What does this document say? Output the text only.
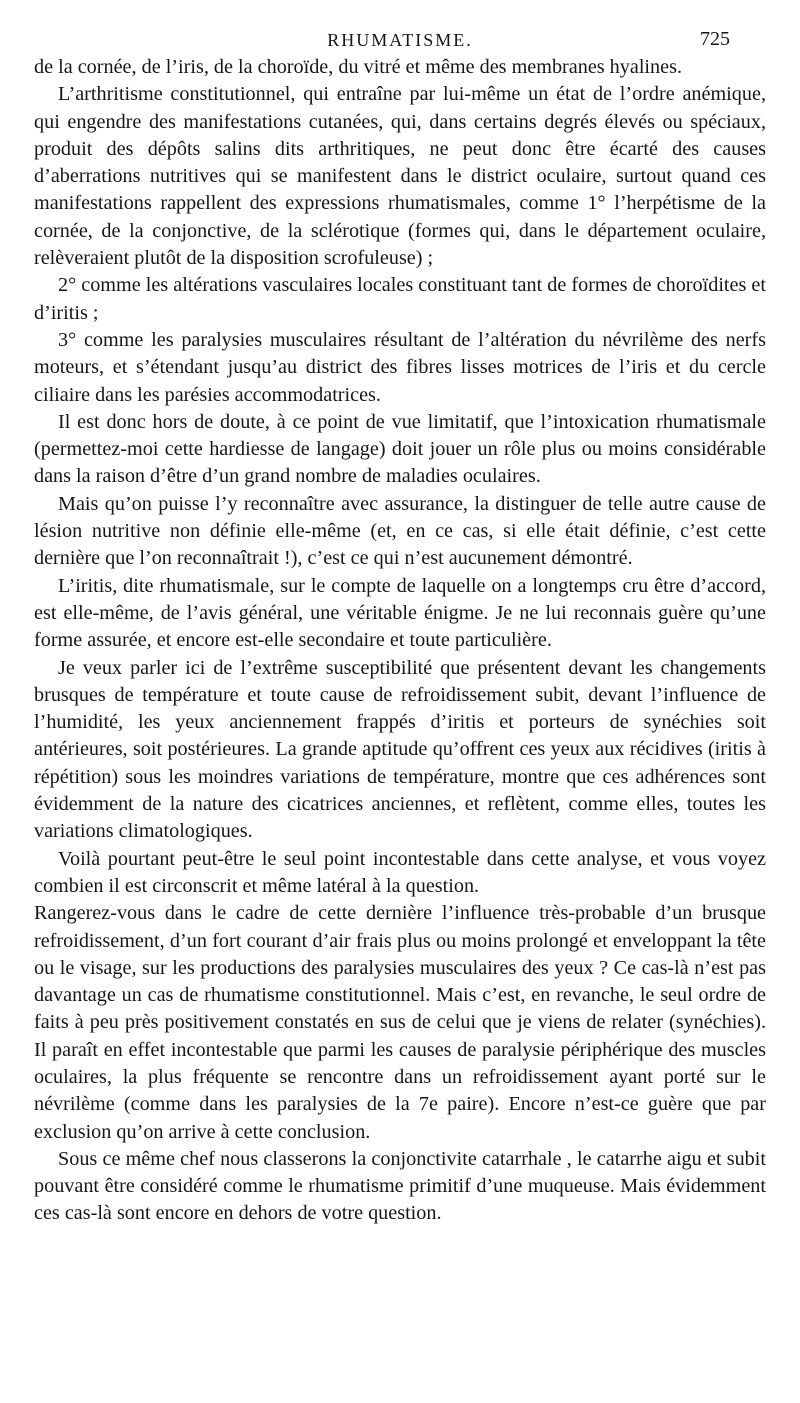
RHUMATISME.	725

de la cornée, de l’iris, de la choroïde, du vitré et même des membranes hyalines.

L’arthritisme constitutionnel, qui entraîne par lui-même un état de l’ordre anémique, qui engendre des manifestations cutanées, qui, dans certains degrés élevés ou spéciaux, produit des dépôts salins dits arthritiques, ne peut donc être écarté des causes d’aberrations nutritives qui se manifestent dans le district oculaire, surtout quand ces manifestations rappellent des expressions rhumatismales, comme 1° l’herpétisme de la cornée, de la conjonctive, de la sclérotique (formes qui, dans le département oculaire, relèveraient plutôt de la disposition scrofuleuse) ;

2° comme les altérations vasculaires locales constituant tant de formes de choroïdites et d’iritis ;

3° comme les paralysies musculaires résultant de l’altération du névrilème des nerfs moteurs, et s’étendant jusqu’au district des fibres lisses motrices de l’iris et du cercle ciliaire dans les parésies accommodatrices.

Il est donc hors de doute, à ce point de vue limitatif, que l’intoxication rhumatismale (permettez-moi cette hardiesse de langage) doit jouer un rôle plus ou moins considérable dans la raison d’être d’un grand nombre de maladies oculaires.

Mais qu’on puisse l’y reconnaître avec assurance, la distinguer de telle autre cause de lésion nutritive non définie elle-même (et, en ce cas, si elle était définie, c’est cette dernière que l’on reconnaîtrait !), c’est ce qui n’est aucunement démontré.

L’iritis, dite rhumatismale, sur le compte de laquelle on a longtemps cru être d’accord, est elle-même, de l’avis général, une véritable énigme. Je ne lui reconnais guère qu’une forme assurée, et encore est-elle secondaire et toute particulière.

Je veux parler ici de l’extrême susceptibilité que présentent devant les changements brusques de température et toute cause de refroidissement subit, devant l’influence de l’humidité, les yeux anciennement frappés d’iritis et porteurs de synéchies soit antérieures, soit postérieures. La grande aptitude qu’offrent ces yeux aux récidives (iritis à répétition) sous les moindres variations de température, montre que ces adhérences sont évidemment de la nature des cicatrices anciennes, et reflètent, comme elles, toutes les variations climatologiques.

Voilà pourtant peut-être le seul point incontestable dans cette analyse, et vous voyez combien il est circonscrit et même latéral à la question.

Rangerez-vous dans le cadre de cette dernière l’influence très-probable d’un brusque refroidissement, d’un fort courant d’air frais plus ou moins prolongé et enveloppant la tête ou le visage, sur les productions des paralysies musculaires des yeux ? Ce cas-là n’est pas davantage un cas de rhumatisme constitutionnel. Mais c’est, en revanche, le seul ordre de faits à peu près positivement constatés en sus de celui que je viens de relater (synéchies). Il paraît en effet incontestable que parmi les causes de paralysie périphérique des muscles oculaires, la plus fréquente se rencontre dans un refroidissement ayant porté sur le névrilème (comme dans les paralysies de la 7e paire). Encore n’est-ce guère que par exclusion qu’on arrive à cette conclusion.

Sous ce même chef nous classerons la conjonctivite catarrhale , le catarrhe aigu et subit pouvant être considéré comme le rhumatisme primitif d’une muqueuse. Mais évidemment ces cas-là sont encore en dehors de votre question.
